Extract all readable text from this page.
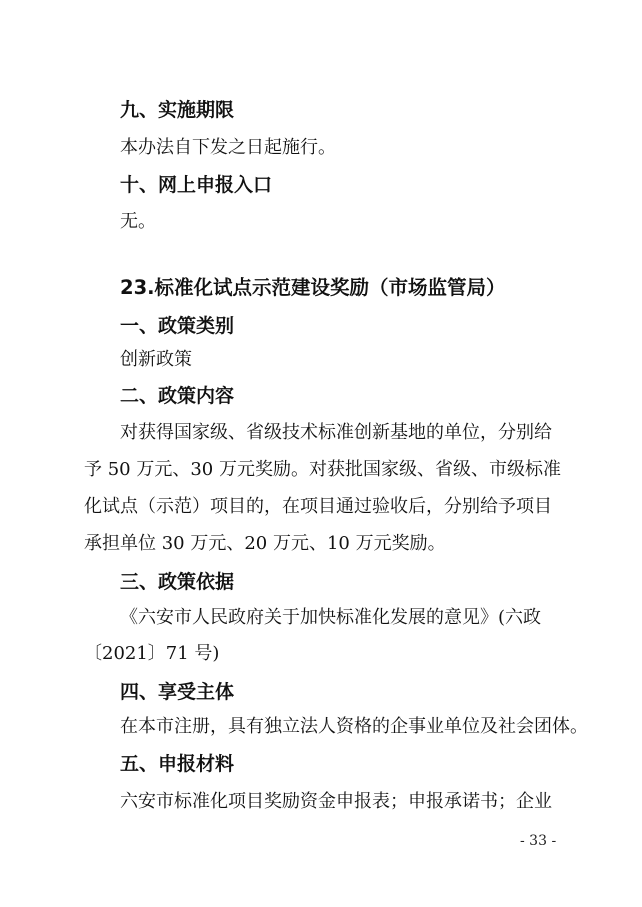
九、实施期限
本办法自下发之日起施行。
十、网上申报入口
无。
23.标准化试点示范建设奖励（市场监管局）
一、政策类别
创新政策
二、政策内容
对获得国家级、省级技术标准创新基地的单位，分别给
予 50 万元、30 万元奖励。对获批国家级、省级、市级标准
化试点（示范）项目的，在项目通过验收后，分别给予项目
承担单位 30 万元、20 万元、10 万元奖励。
三、政策依据
《六安市人民政府关于加快标准化发展的意见》(六政
〔2021〕71 号)
四、享受主体
在本市注册，具有独立法人资格的企事业单位及社会团体。
五、申报材料
六安市标准化项目奖励资金申报表；申报承诺书；企业
- 33 -
